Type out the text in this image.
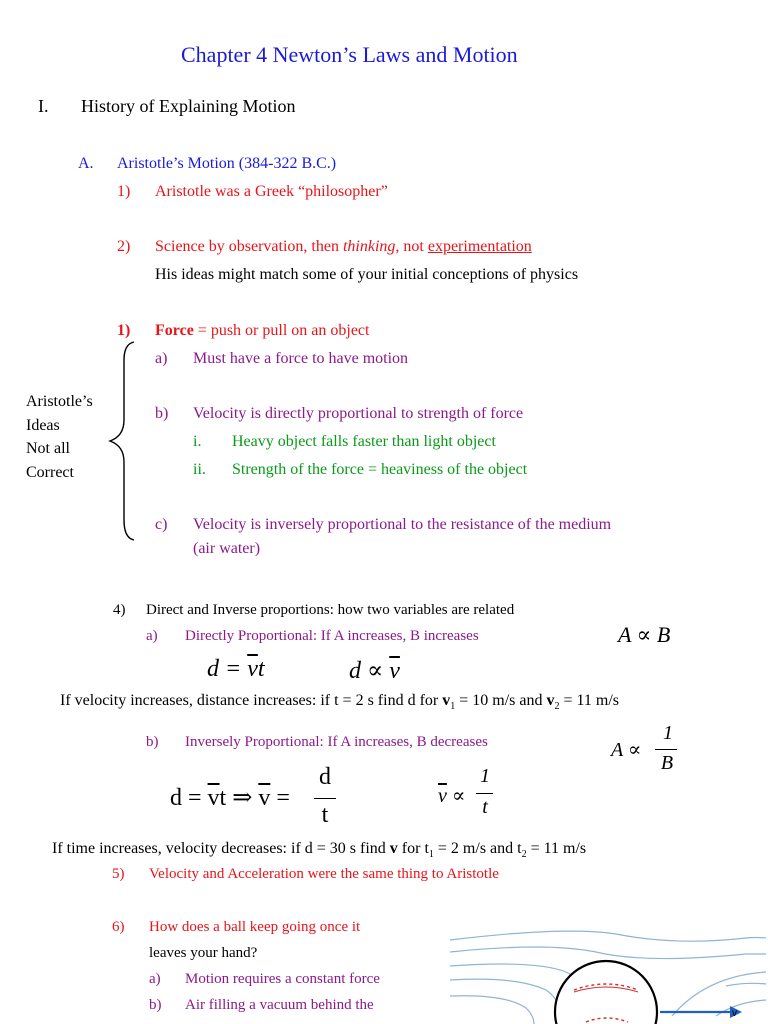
Chapter 4 Newton’s Laws and Motion
I. History of Explaining Motion
A. Aristotle’s Motion (384-322 B.C.)
1) Aristotle was a Greek “philosopher”
2) Science by observation, then thinking, not experimentation
His ideas might match some of your initial conceptions of physics
1) Force = push or pull on an object
Aristotle’s
Ideas
Not all
Correct
a) Must have a force to have motion
b) Velocity is directly proportional to strength of force
i. Heavy object falls faster than light object
ii. Strength of the force = heaviness of the object
c) Velocity is inversely proportional to the resistance of the medium
(air water)
4) Direct and Inverse proportions: how two variables are related
a) Directly Proportional: If A increases, B increases	A ∝ B
$d = \overline{v}t$	$d \propto \overline{v}$
If velocity increases, distance increases: if t = 2 s find d for $v_1 = 10$ m/s and $v_2 = 11$ m/s
b) Inversely Proportional: If A increases, B decreases	A ∝
1
B
$d = \overline{v}t$ ⇒ $\overline{v}$ =
d
t
$\overline{v}$ ∝
1
t
If time increases, velocity decreases: if d = 30 s find v for $t_1 = 2$ m/s and $t_2 = 11$ m/s
5) Velocity and Acceleration were the same thing to Aristotle
6) How does a ball keep going once it
leaves your hand?
a) Motion requires a constant force
b) Air filling a vacuum behind the
v
